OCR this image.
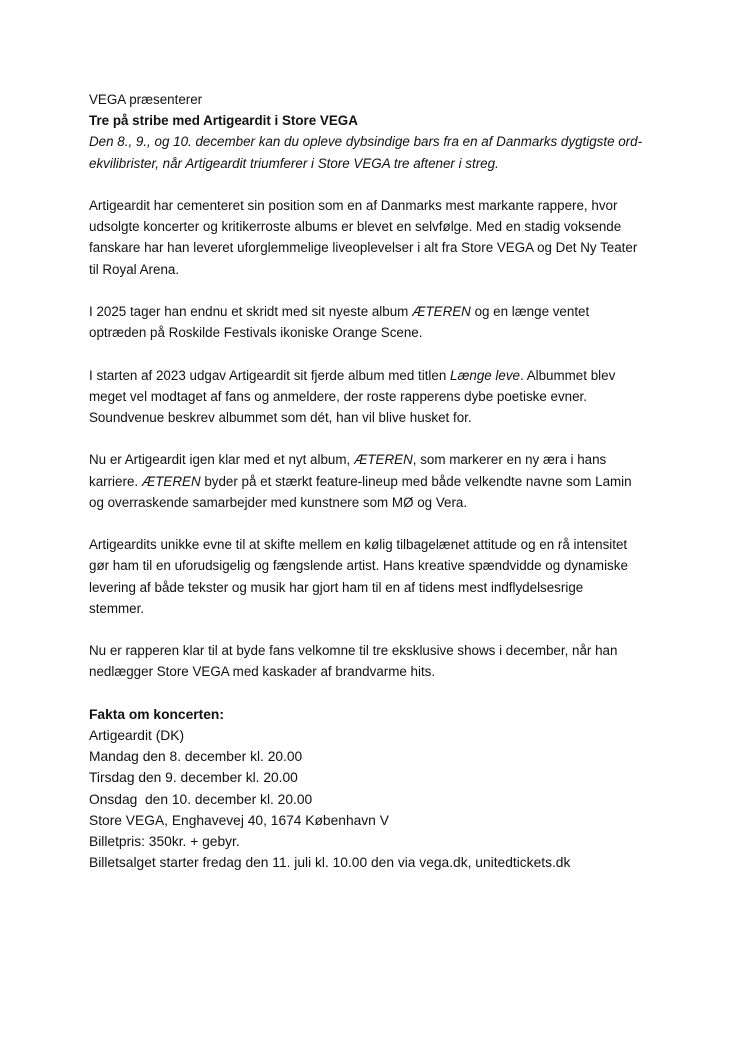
VEGA præsenterer
Tre på stribe med Artigeardit i Store VEGA
Den 8., 9., og 10. december kan du opleve dybsindige bars fra en af Danmarks dygtigste ord-
ekvilibrister, når Artigeardit triumferer i Store VEGA tre aftener i streg.
Artigeardit har cementeret sin position som en af Danmarks mest markante rappere, hvor
udsolgte koncerter og kritikerroste albums er blevet en selvfølge. Med en stadig voksende
fanskare har han leveret uforglemmelige liveoplevelser i alt fra Store VEGA og Det Ny Teater
til Royal Arena.
I 2025 tager han endnu et skridt med sit nyeste album ÆTEREN og en længe ventet
optræden på Roskilde Festivals ikoniske Orange Scene.
I starten af 2023 udgav Artigeardit sit fjerde album med titlen Længe leve. Albummet blev
meget vel modtaget af fans og anmeldere, der roste rapperens dybe poetiske evner.
Soundvenue beskrev albummet som dét, han vil blive husket for.
Nu er Artigeardit igen klar med et nyt album, ÆTEREN, som markerer en ny æra i hans
karriere. ÆTEREN byder på et stærkt feature-lineup med både velkendte navne som Lamin
og overraskende samarbejder med kunstnere som MØ og Vera.
Artigeardits unikke evne til at skifte mellem en kølig tilbagelænet attitude og en rå intensitet
gør ham til en uforudsigelig og fængslende artist. Hans kreative spændvidde og dynamiske
levering af både tekster og musik har gjort ham til en af tidens mest indflydelsesrige
stemmer.
Nu er rapperen klar til at byde fans velkomne til tre eksklusive shows i december, når han
nedlægger Store VEGA med kaskader af brandvarme hits.
Fakta om koncerten:
Artigeardit (DK)
Mandag den 8. december kl. 20.00
Tirsdag den 9. december kl. 20.00
Onsdag  den 10. december kl. 20.00
Store VEGA, Enghavevej 40, 1674 København V
Billetpris: 350kr. + gebyr.
Billetsalget starter fredag den 11. juli kl. 10.00 den via vega.dk, unitedtickets.dk
